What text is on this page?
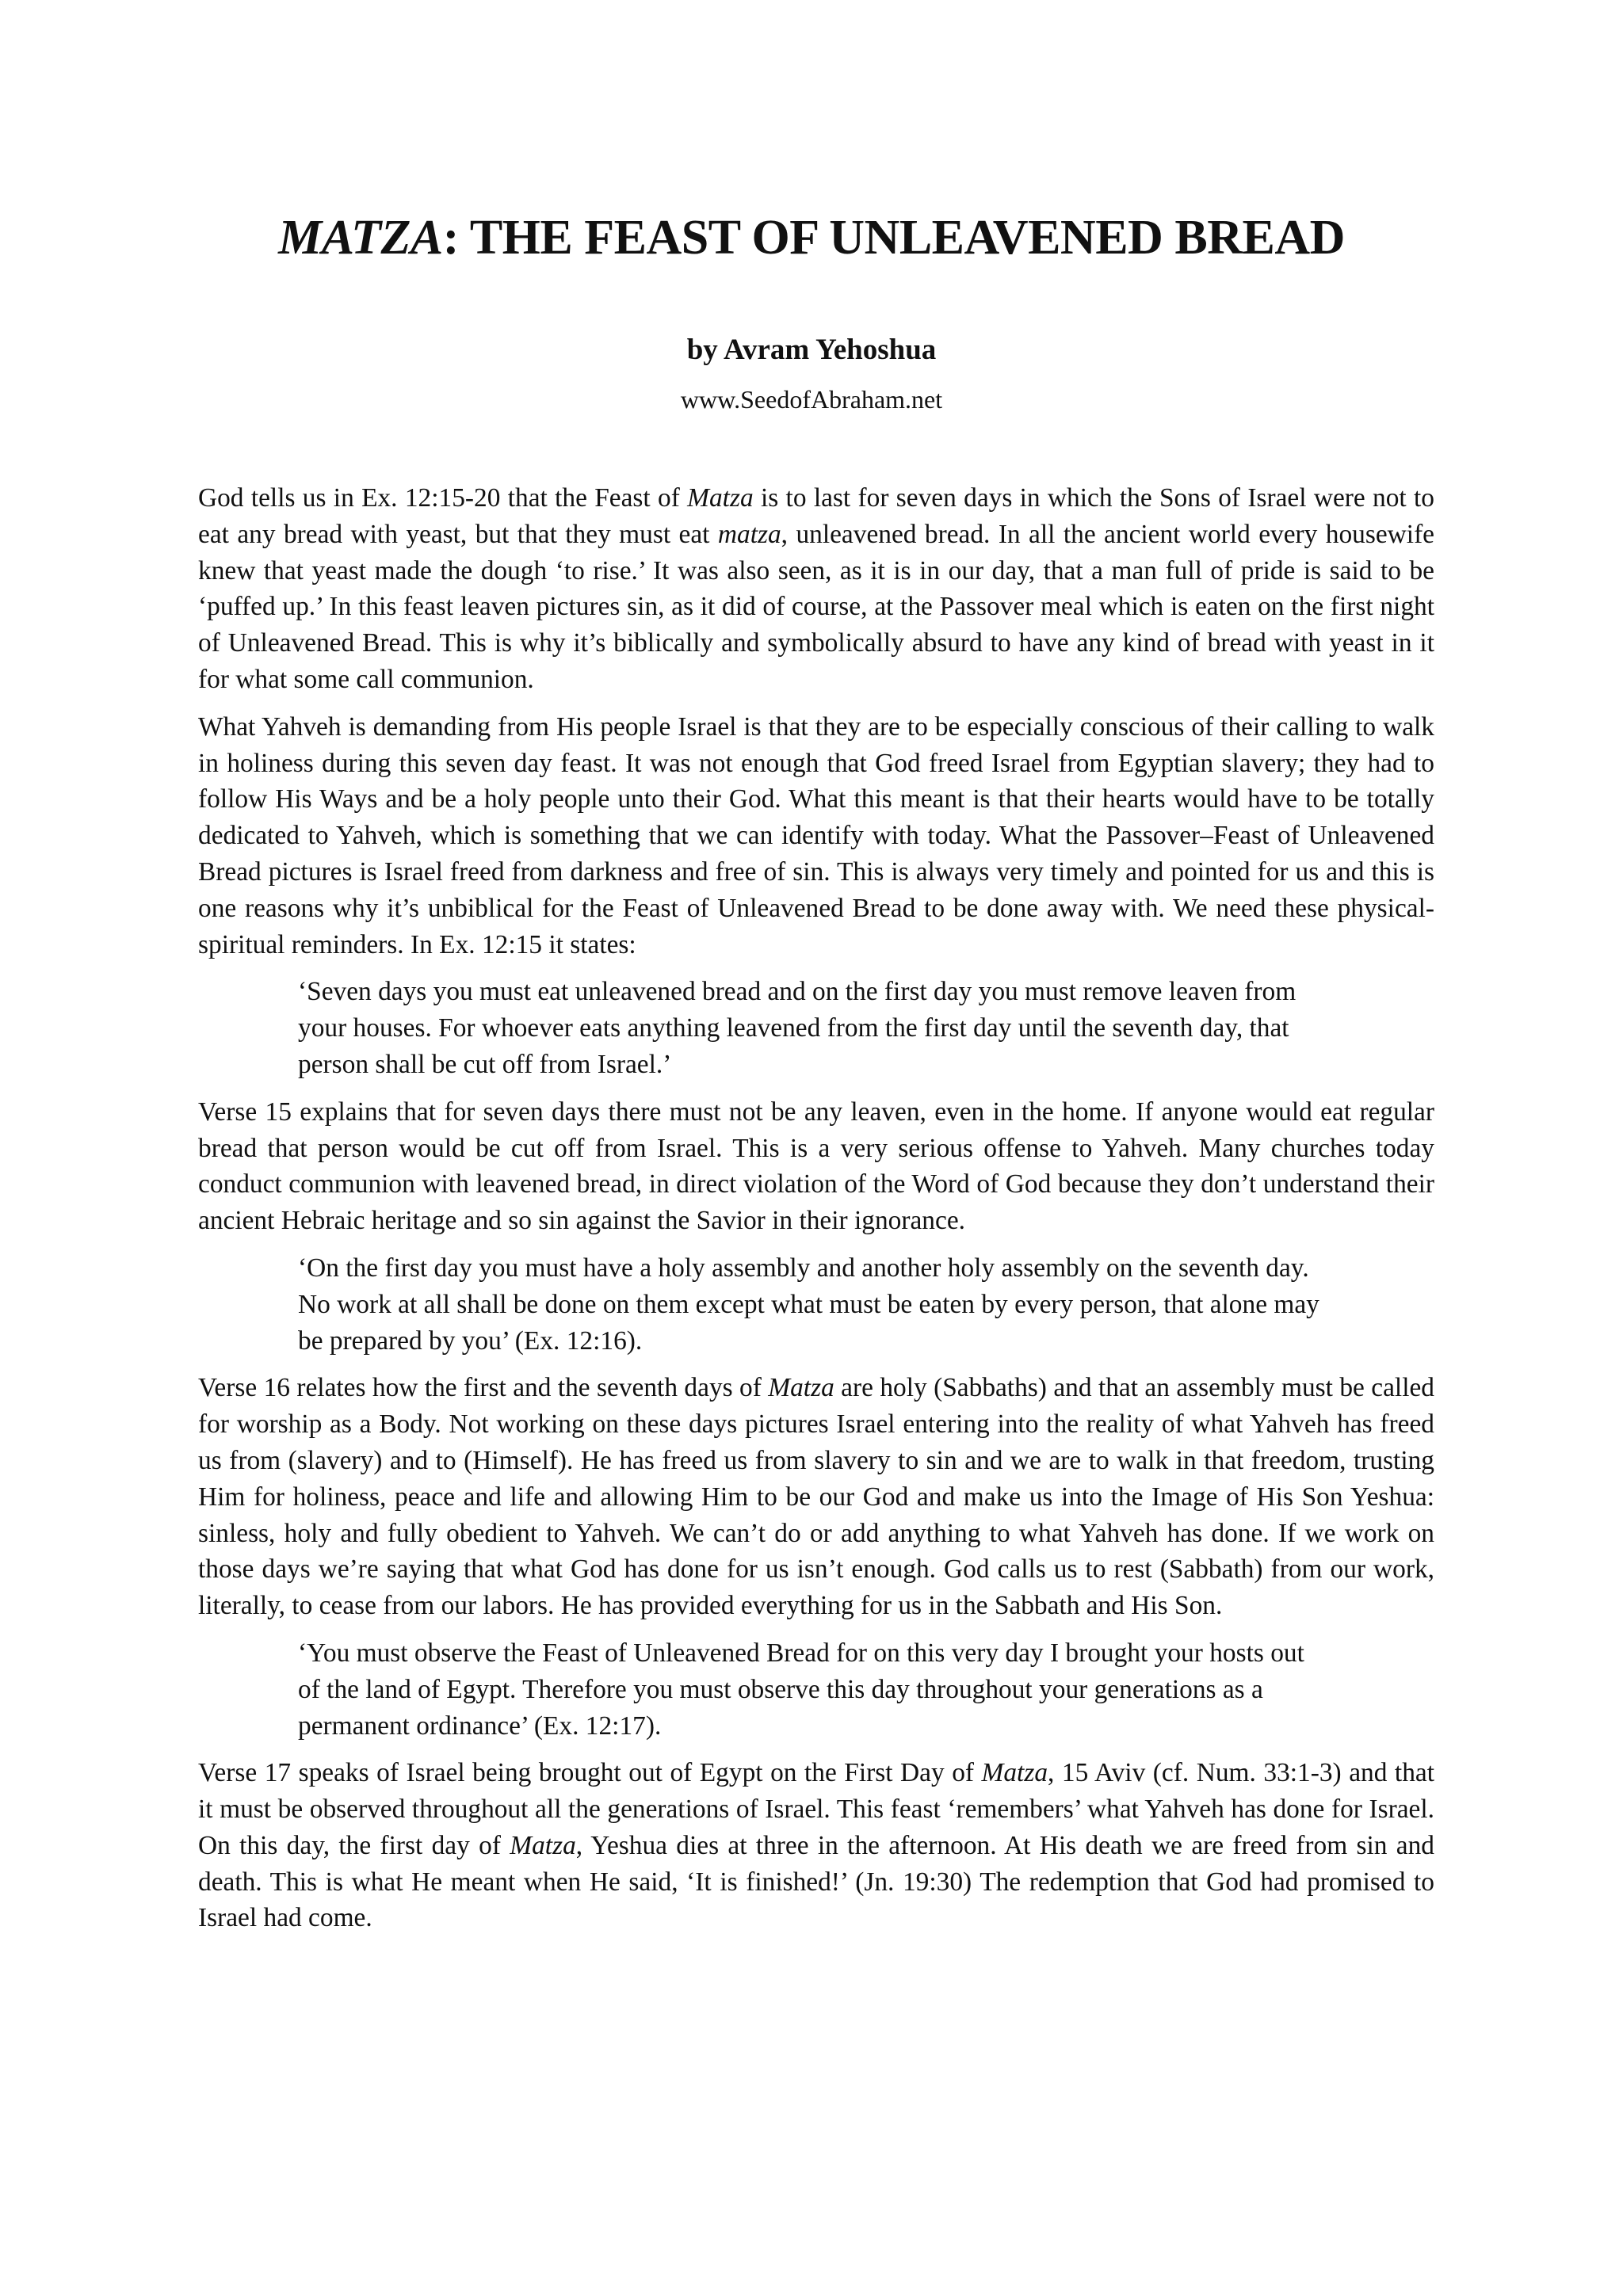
MATZA: THE FEAST OF UNLEAVENED BREAD
by Avram Yehoshua
www.SeedofAbraham.net

God tells us in Ex. 12:15-20 that the Feast of Matza is to last for seven days in which the Sons of Israel were not to eat any bread with yeast, but that they must eat matza, unleavened bread. In all the ancient world every housewife knew that yeast made the dough ‘to rise.’ It was also seen, as it is in our day, that a man full of pride is said to be ‘puffed up.’ In this feast leaven pictures sin, as it did of course, at the Passover meal which is eaten on the first night of Unleavened Bread. This is why it’s biblically and symbolically absurd to have any kind of bread with yeast in it for what some call communion.

What Yahveh is demanding from His people Israel is that they are to be especially conscious of their calling to walk in holiness during this seven day feast. It was not enough that God freed Israel from Egyptian slavery; they had to follow His Ways and be a holy people unto their God. What this meant is that their hearts would have to be totally dedicated to Yahveh, which is something that we can identify with today. What the Passover–Feast of Unleavened Bread pictures is Israel freed from darkness and free of sin. This is always very timely and pointed for us and this is one reasons why it’s unbiblical for the Feast of Unleavened Bread to be done away with. We need these physical-spiritual reminders. In Ex. 12:15 it states:

‘Seven days you must eat unleavened bread and on the first day you must remove leaven from your houses. For whoever eats anything leavened from the first day until the seventh day, that person shall be cut off from Israel.’

Verse 15 explains that for seven days there must not be any leaven, even in the home. If anyone would eat regular bread that person would be cut off from Israel. This is a very serious offense to Yahveh. Many churches today conduct communion with leavened bread, in direct violation of the Word of God because they don’t understand their ancient Hebraic heritage and so sin against the Savior in their ignorance.

‘On the first day you must have a holy assembly and another holy assembly on the seventh day. No work at all shall be done on them except what must be eaten by every person, that alone may be prepared by you’ (Ex. 12:16).

Verse 16 relates how the first and the seventh days of Matza are holy (Sabbaths) and that an assembly must be called for worship as a Body. Not working on these days pictures Israel entering into the reality of what Yahveh has freed us from (slavery) and to (Himself). He has freed us from slavery to sin and we are to walk in that freedom, trusting Him for holiness, peace and life and allowing Him to be our God and make us into the Image of His Son Yeshua: sinless, holy and fully obedient to Yahveh. We can’t do or add anything to what Yahveh has done. If we work on those days we’re saying that what God has done for us isn’t enough. God calls us to rest (Sabbath) from our work, literally, to cease from our labors. He has provided everything for us in the Sabbath and His Son.

‘You must observe the Feast of Unleavened Bread for on this very day I brought your hosts out of the land of Egypt. Therefore you must observe this day throughout your generations as a permanent ordinance’ (Ex. 12:17).

Verse 17 speaks of Israel being brought out of Egypt on the First Day of Matza, 15 Aviv (cf. Num. 33:1-3) and that it must be observed throughout all the generations of Israel. This feast ‘remembers’ what Yahveh has done for Israel. On this day, the first day of Matza, Yeshua dies at three in the afternoon. At His death we are freed from sin and death. This is what He meant when He said, ‘It is finished!’ (Jn. 19:30) The redemption that God had promised to Israel had come.
